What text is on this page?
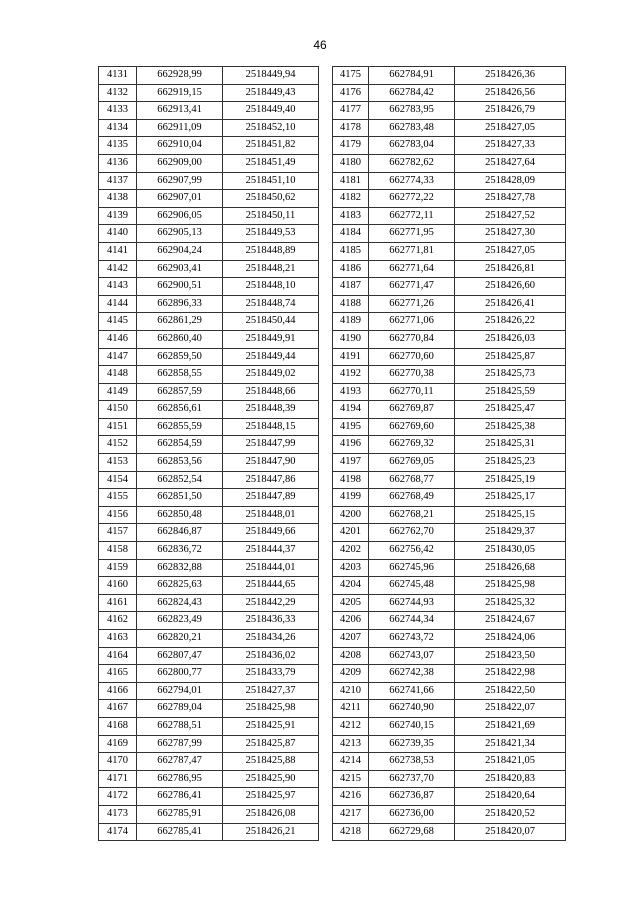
46
4131	662928,99	2518449,94	
4132	662919,15	2518449,43	
4133	662913,41	2518449,40	
4134	662911,09	2518452,10	
4135	662910,04	2518451,82	
4136	662909,00	2518451,49	
4137	662907,99	2518451,10	
4138	662907,01	2518450,62	
4139	662906,05	2518450,11	
4140	662905,13	2518449,53	
4141	662904,24	2518448,89	
4142	662903,41	2518448,21	
4143	662900,51	2518448,10	
4144	662896,33	2518448,74	
4145	662861,29	2518450,44	
4146	662860,40	2518449,91	
4147	662859,50	2518449,44	
4148	662858,55	2518449,02	
4149	662857,59	2518448,66	
4150	662856,61	2518448,39	
4151	662855,59	2518448,15	
4152	662854,59	2518447,99	
4153	662853,56	2518447,90	
4154	662852,54	2518447,86	
4155	662851,50	2518447,89	
4156	662850,48	2518448,01	
4157	662846,87	2518449,66	
4158	662836,72	2518444,37	
4159	662832,88	2518444,01	
4160	662825,63	2518444,65	
4161	662824,43	2518442,29	
4162	662823,49	2518436,33	
4163	662820,21	2518434,26	
4164	662807,47	2518436,02	
4165	662800,77	2518433,79	
4166	662794,01	2518427,37	
4167	662789,04	2518425,98	
4168	662788,51	2518425,91	
4169	662787,99	2518425,87	
4170	662787,47	2518425,88	
4171	662786,95	2518425,90	
4172	662786,41	2518425,97	
4173	662785,91	2518426,08	
4174	662785,41	2518426,21	
4175	662784,91	2518426,36
4176	662784,42	2518426,56
4177	662783,95	2518426,79
4178	662783,48	2518427,05
4179	662783,04	2518427,33
4180	662782,62	2518427,64
4181	662774,33	2518428,09
4182	662772,22	2518427,78
4183	662772,11	2518427,52
4184	662771,95	2518427,30
4185	662771,81	2518427,05
4186	662771,64	2518426,81
4187	662771,47	2518426,60
4188	662771,26	2518426,41
4189	662771,06	2518426,22
4190	662770,84	2518426,03
4191	662770,60	2518425,87
4192	662770,38	2518425,73
4193	662770,11	2518425,59
4194	662769,87	2518425,47
4195	662769,60	2518425,38
4196	662769,32	2518425,31
4197	662769,05	2518425,23
4198	662768,77	2518425,19
4199	662768,49	2518425,17
4200	662768,21	2518425,15
4201	662762,70	2518429,37
4202	662756,42	2518430,05
4203	662745,96	2518426,68
4204	662745,48	2518425,98
4205	662744,93	2518425,32
4206	662744,34	2518424,67
4207	662743,72	2518424,06
4208	662743,07	2518423,50
4209	662742,38	2518422,98
4210	662741,66	2518422,50
4211	662740,90	2518422,07
4212	662740,15	2518421,69
4213	662739,35	2518421,34
4214	662738,53	2518421,05
4215	662737,70	2518420,83
4216	662736,87	2518420,64
4217	662736,00	2518420,52
4218	662729,68	2518420,07
